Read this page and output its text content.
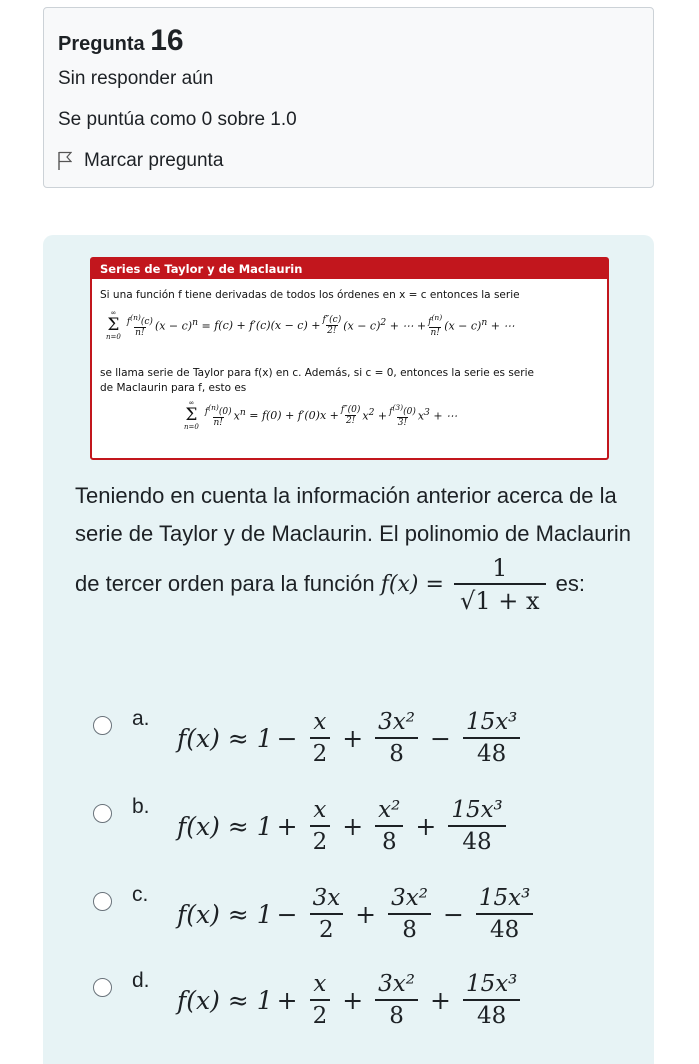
Pregunta 16
Sin responder aún
Se puntúa como 0 sobre 1.0
Marcar pregunta
Series de Taylor y de Maclaurin
Si una función f tiene derivadas de todos los órdenes en x = c entonces la serie
∞
Σ
$n=0 \frac{f^{(n)}(c)}{n!} (x - c)^n = f(c) + f'(c)(x - c) + \frac{f''(c)}{2!} (x - c)^2$ + ⋯ + $\frac{f^{(n)}}{n!} (x - c)^n$ + ⋯
se llama serie de Taylor para f(x) en c. Además, si c = 0, entonces la serie es serie
de Maclaurin para f, esto es
∞
Σ
$n=0 \frac{f^{(n)}(0)}{n!} x^n = f(0) + f'(0)x + \frac{f''(0)}{2!} x^2 + \frac{f^{(3)}(0)}{3!} x^3$ + ⋯
Teniendo en cuenta la información anterior acerca de la serie de Taylor y de Maclaurin. El polinomio de Maclaurin de tercer orden para la función $f(x) = \frac{1}{√1 + x}$ es:
a.
$f(x) \approx 1 - \frac{x}{2} + \frac{\text{3x²}}{8} - \frac{\text{15x³}}{48}$
b.
$f(x) \approx 1 + \frac{x}{2} + \frac{\text{x²}}{8} + \frac{\text{15x³}}{48}$
c.
$f(x) \approx 1 - \frac{3x}{2} + \frac{\text{3x²}}{8} - \frac{\text{15x³}}{48}$
d.
$f(x) \approx 1 + \frac{x}{2} + \frac{\text{3x²}}{8} + \frac{\text{15x³}}{48}$
